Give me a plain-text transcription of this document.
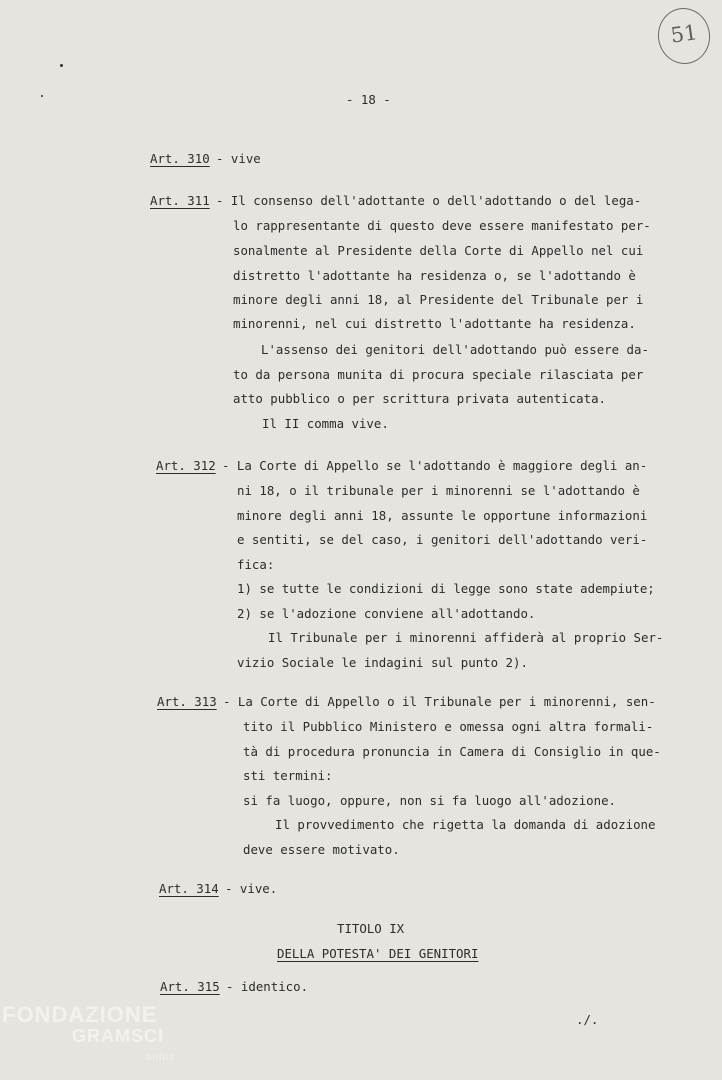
51
- 18 -
Art. 310 - vive
Art. 311 - Il consenso dell'adottante o dell'adottando o del lega-
lo rappresentante di questo deve essere manifestato per-
sonalmente al Presidente della Corte di Appello nel cui
distretto l'adottante ha residenza o, se l'adottando è
minore degli anni 18, al Presidente del Tribunale per i
minorenni, nel cui distretto l'adottante ha residenza.
L'assenso dei genitori dell'adottando può essere da-
to da persona munita di procura speciale rilasciata per
atto pubblico o per scrittura privata autenticata.
Il II comma vive.
Art. 312 - La Corte di Appello se l'adottando è maggiore degli an-
ni 18, o il tribunale per i minorenni se l'adottando è
minore degli anni 18, assunte le opportune informazioni
e sentiti, se del caso, i genitori dell'adottando veri-
fica:
1) se tutte le condizioni di legge sono state adempiute;
2) se l'adozione conviene all'adottando.
Il Tribunale per i minorenni affiderà al proprio Ser-
vizio Sociale le indagini sul punto 2).
Art. 313 - La Corte di Appello o il Tribunale per i minorenni, sen-
tito il Pubblico Ministero e omessa ogni altra formali-
tà di procedura pronuncia in Camera di Consiglio in que-
sti termini:
si fa luogo, oppure, non si fa luogo all'adozione.
Il provvedimento che rigetta la domanda di adozione
deve essere motivato.
Art. 314 - vive.
TITOLO IX
DELLA POTESTA' DEI GENITORI
Art. 315 - identico.
./.
FONDAZIONE
GRAMSCI
onlus
